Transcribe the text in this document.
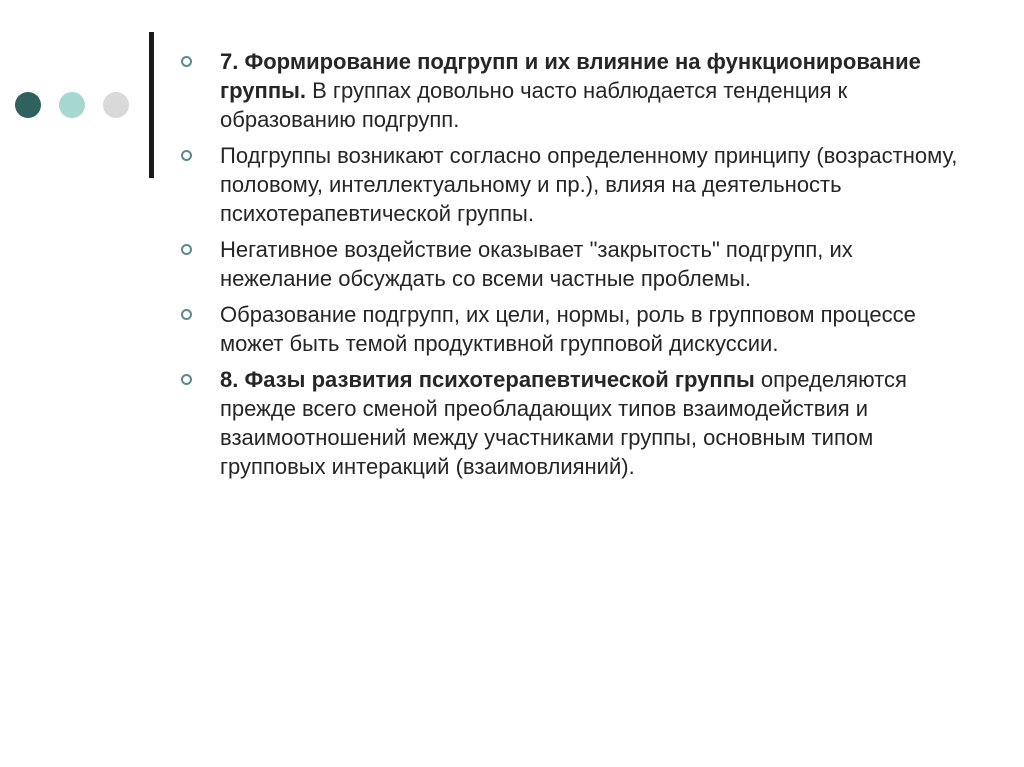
7. Формирование подгрупп и их влияние на функционирование группы. В группах довольно часто наблюдается тенденция к образованию подгрупп.
Подгруппы возникают согласно определенному принципу (возрастному, половому, интеллектуальному и пр.), влияя на деятельность психотерапевтической группы.
Негативное воздействие оказывает "закрытость" подгрупп, их нежелание обсуждать со всеми частные проблемы.
Образование подгрупп, их цели, нормы, роль в групповом процессе может быть темой продуктивной групповой дискуссии.
8. Фазы развития психотерапевтической группы определяются прежде всего сменой преобладающих типов взаимодействия и взаимоотношений между участниками группы, основным типом групповых интеракций (взаимовлияний).
